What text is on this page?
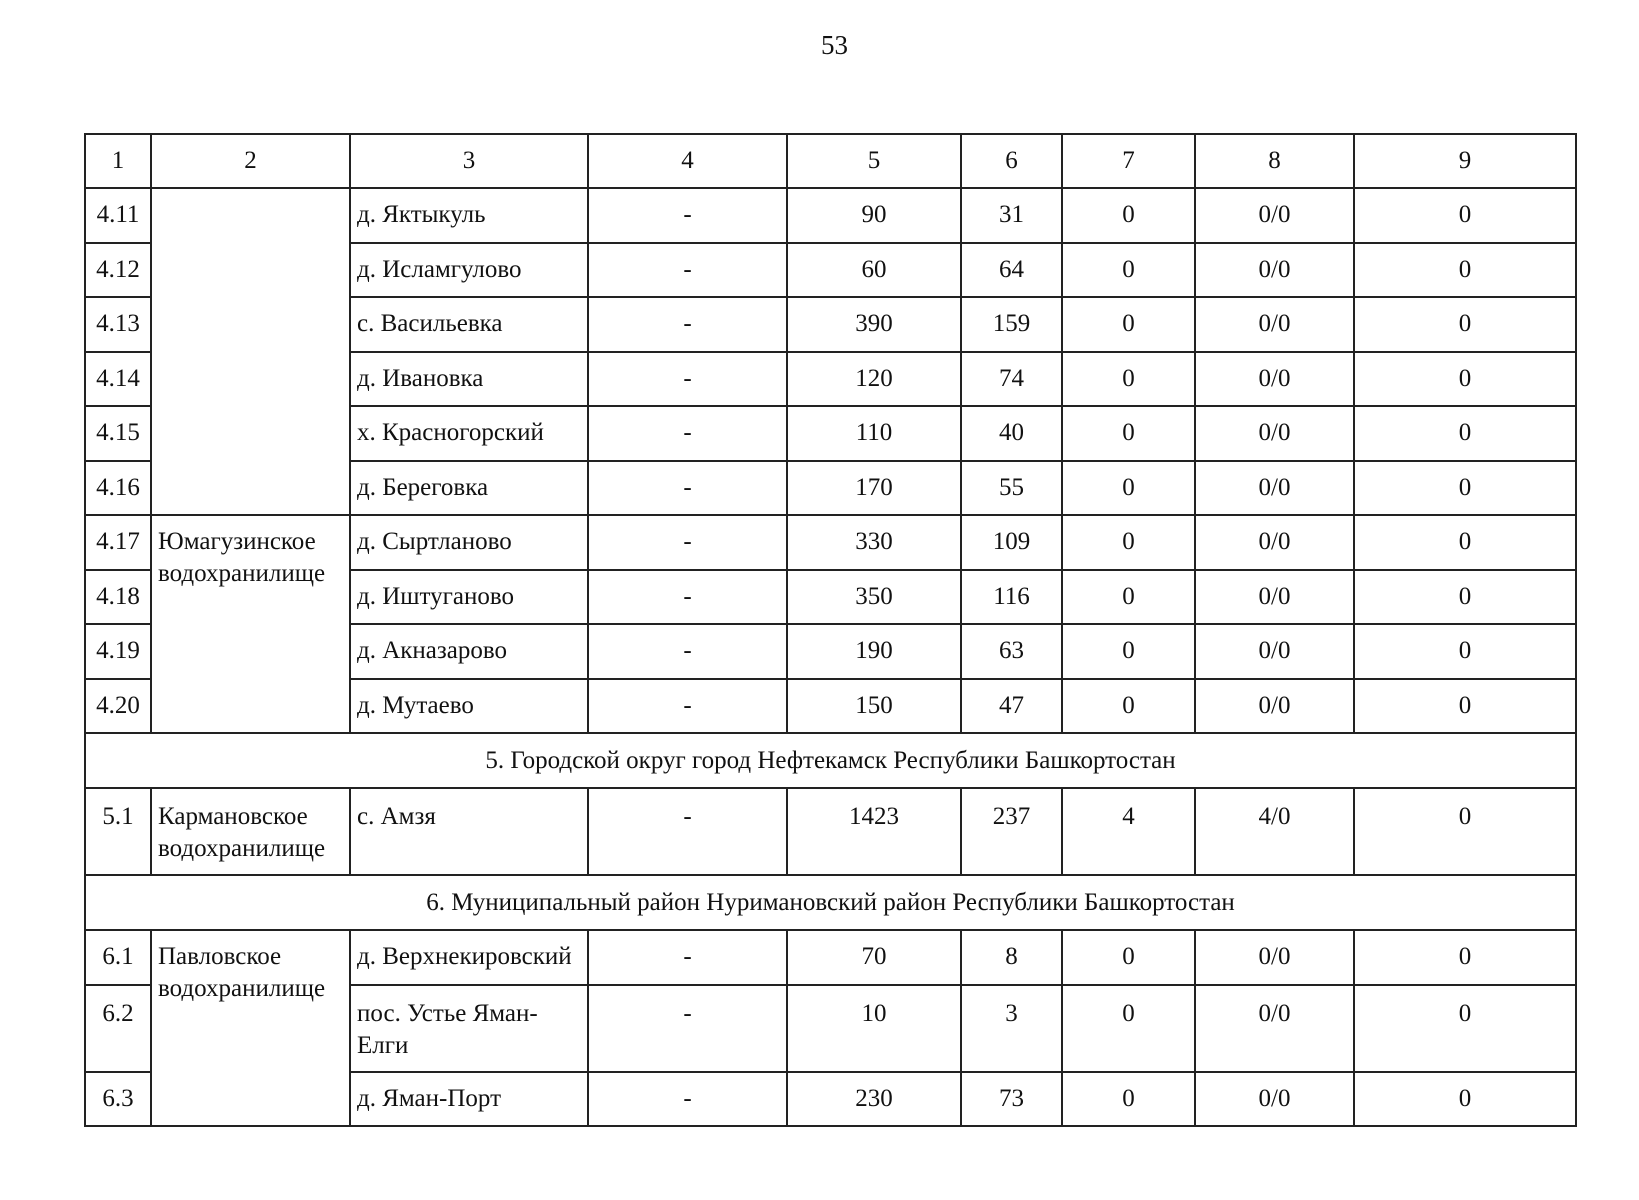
53
1	2	3	4	5	6	7	8	9
4.11		д. Яктыкуль	-	90	31	0	0/0	0
4.12		д. Исламгулово	-	60	64	0	0/0	0
4.13		с. Васильевка	-	390	159	0	0/0	0
4.14		д. Ивановка	-	120	74	0	0/0	0
4.15		х. Красногорский	-	110	40	0	0/0	0
4.16		д. Береговка	-	170	55	0	0/0	0
4.17	Юмагузинское водохранилище	д. Сыртланово	-	330	109	0	0/0	0
4.18		д. Иштуганово	-	350	116	0	0/0	0
4.19		д. Акназарово	-	190	63	0	0/0	0
4.20		д. Мутаево	-	150	47	0	0/0	0
5. Городской округ город Нефтекамск Республики Башкортостан								
5.1	Кармановское водохранилище	с. Амзя	-	1423	237	4	4/0	0
6. Муниципальный район Нуримановский район Республики Башкортостан								
6.1	Павловское водохранилище	д. Верхнекировский	-	70	8	0	0/0	0
6.2		пос. Устье Яман-Елги	-	10	3	0	0/0	0
6.3		д. Яман-Порт	-	230	73	0	0/0	0
